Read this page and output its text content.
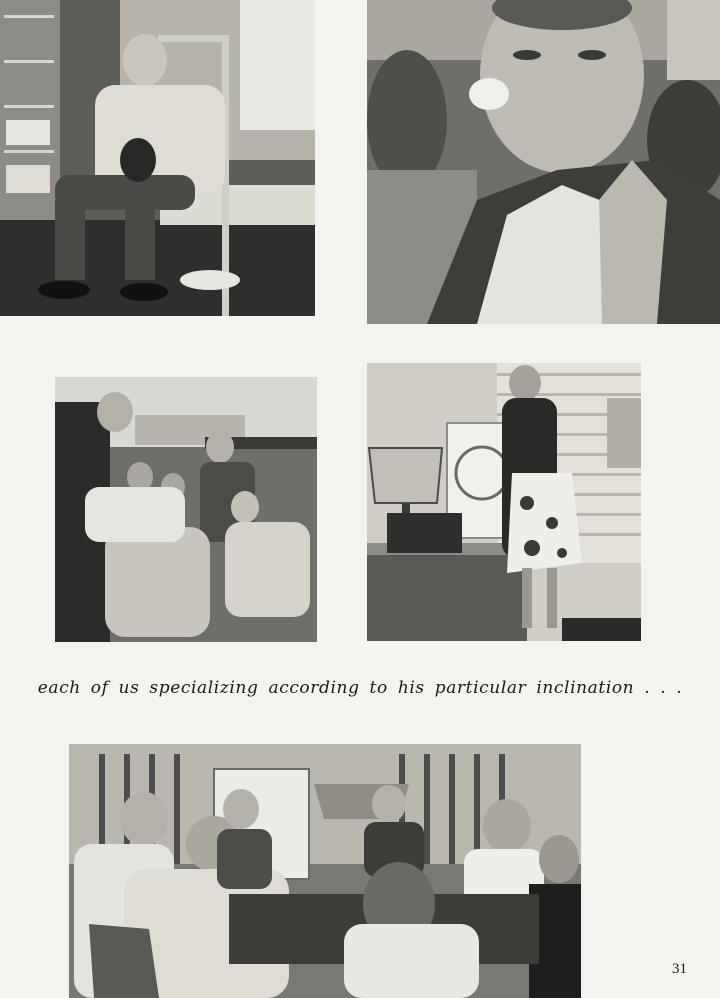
each of us specializing according to his particular inclination . . .

31
